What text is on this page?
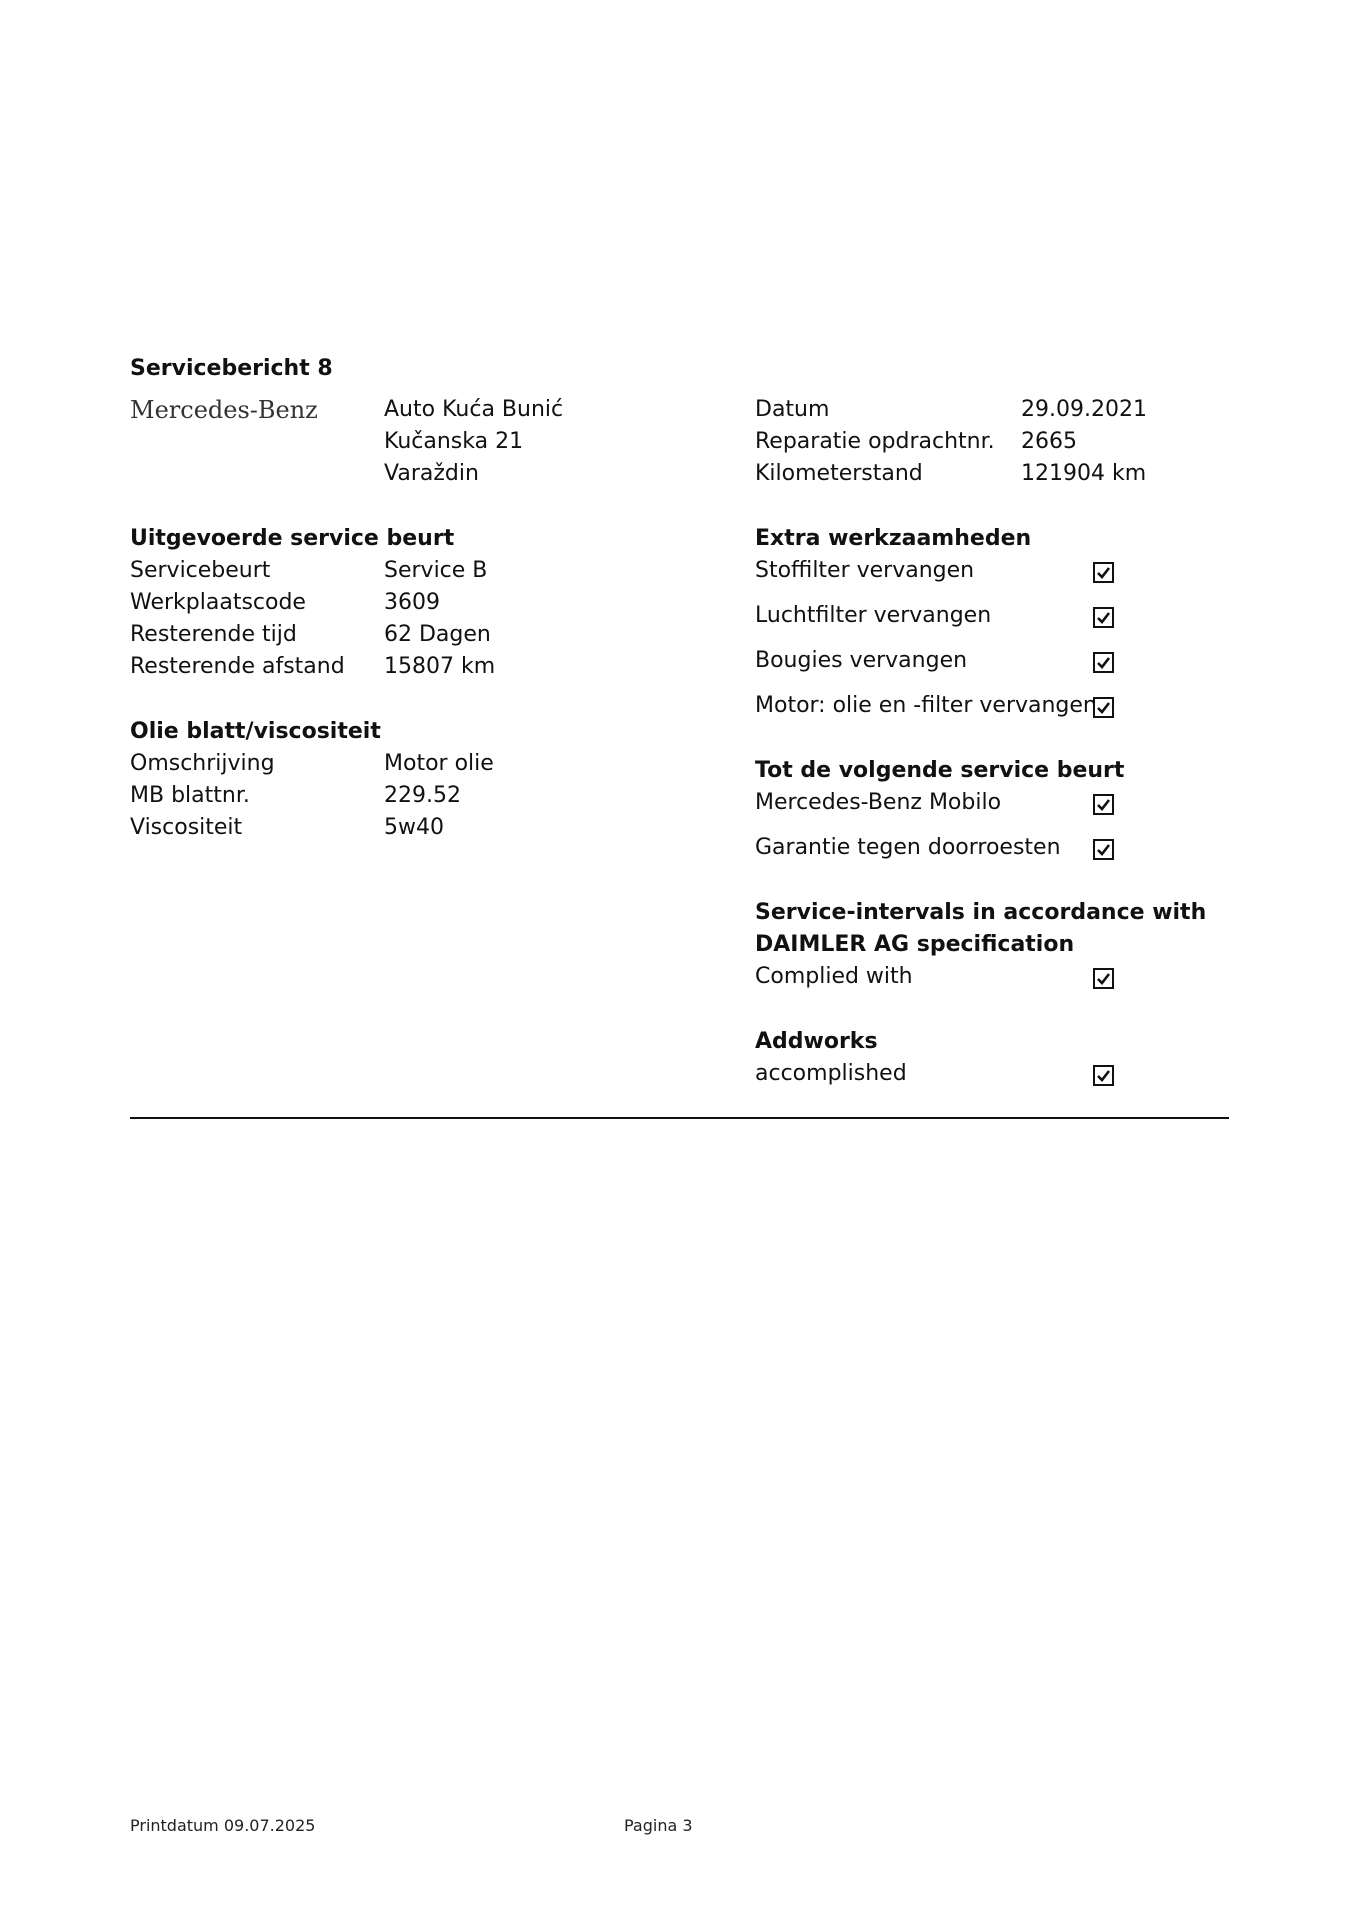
Servicebericht 8
Mercedes-Benz	Auto Kuća Bunić
Kučanska 21
Varaždin
Datum	29.09.2021
Reparatie opdrachtnr. 2665
Kilometerstand	121904 km
Uitgevoerde service beurt
Servicebeurt	Service B
Werkplaatscode	3609
Resterende tijd	62 Dagen
Resterende afstand 15807 km
Olie blatt/viscositeit
Omschrijving	Motor olie
MB blattnr.	229.52
Viscositeit	5w40
Extra werkzaamheden
Stoffilter vervangen
Luchtfilter vervangen
Bougies vervangen
Motor: olie en -filter vervangen
Tot de volgende service beurt
Mercedes-Benz Mobilo
Garantie tegen doorroesten
Service-intervals in accordance with
DAIMLER AG specification
Complied with
Addworks
accomplished
Printdatum 09.07.2025	Pagina 3
